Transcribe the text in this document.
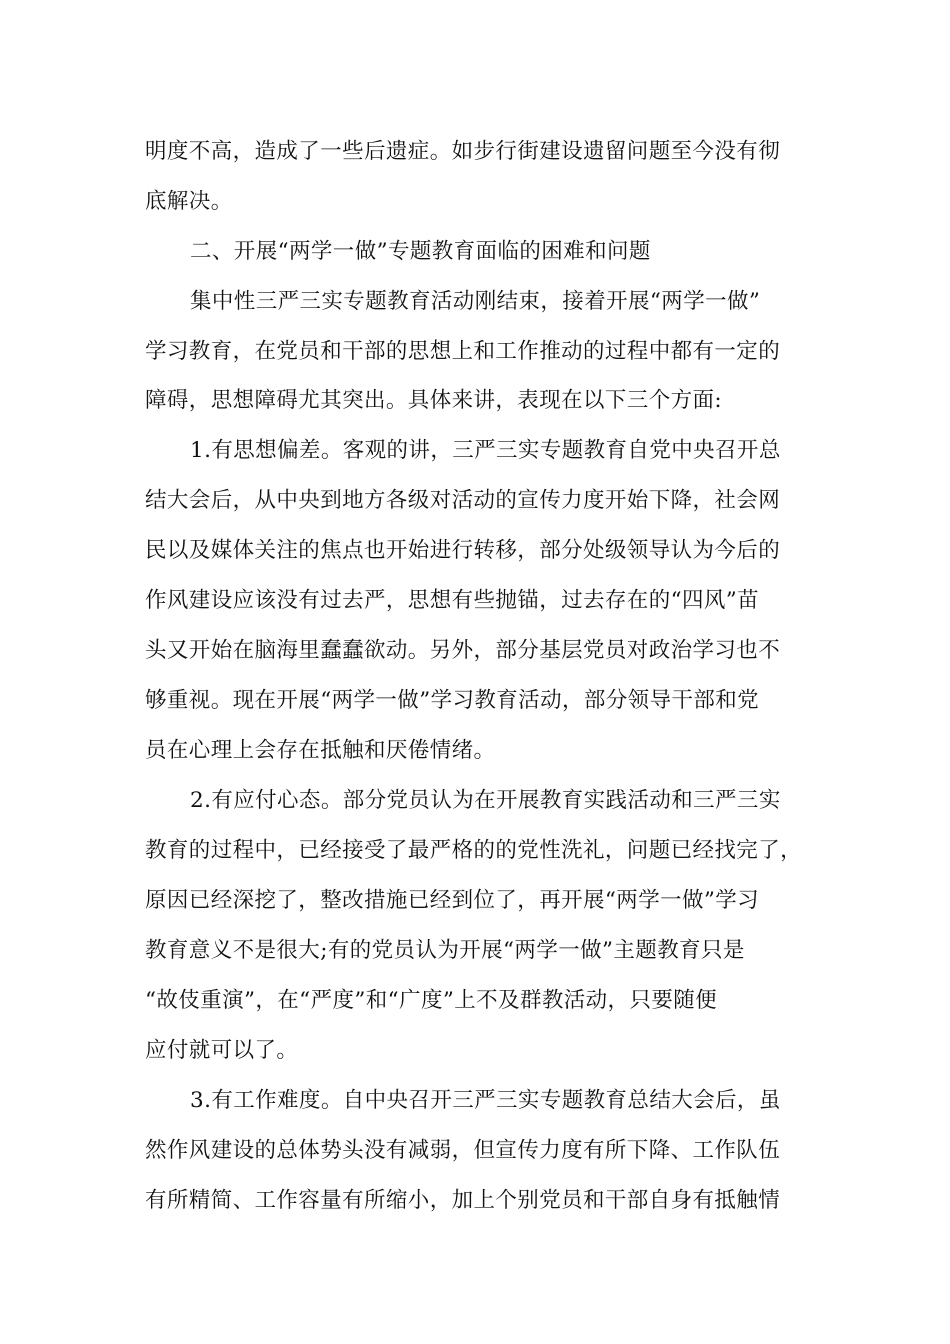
明度不高，造成了一些后遗症。如步行街建设遗留问题至今没有彻
底解决。
二、开展“两学一做”专题教育面临的困难和问题
集中性三严三实专题教育活动刚结束，接着开展“两学一做”
学习教育，在党员和干部的思想上和工作推动的过程中都有一定的
障碍，思想障碍尤其突出。具体来讲，表现在以下三个方面:
1.有思想偏差。客观的讲，三严三实专题教育自党中央召开总
结大会后，从中央到地方各级对活动的宣传力度开始下降，社会网
民以及媒体关注的焦点也开始进行转移，部分处级领导认为今后的
作风建设应该没有过去严，思想有些抛锚，过去存在的“四风”苗
头又开始在脑海里蠢蠢欲动。另外，部分基层党员对政治学习也不
够重视。现在开展“两学一做”学习教育活动，部分领导干部和党
员在心理上会存在抵触和厌倦情绪。
2.有应付心态。部分党员认为在开展教育实践活动和三严三实
教育的过程中，已经接受了最严格的的党性洗礼，问题已经找完了，
原因已经深挖了，整改措施已经到位了，再开展“两学一做”学习
教育意义不是很大;有的党员认为开展“两学一做”主题教育只是
“故伎重演”，在“严度”和“广度”上不及群教活动，只要随便
应付就可以了。
3.有工作难度。自中央召开三严三实专题教育总结大会后，虽
然作风建设的总体势头没有减弱，但宣传力度有所下降、工作队伍
有所精简、工作容量有所缩小，加上个别党员和干部自身有抵触情
